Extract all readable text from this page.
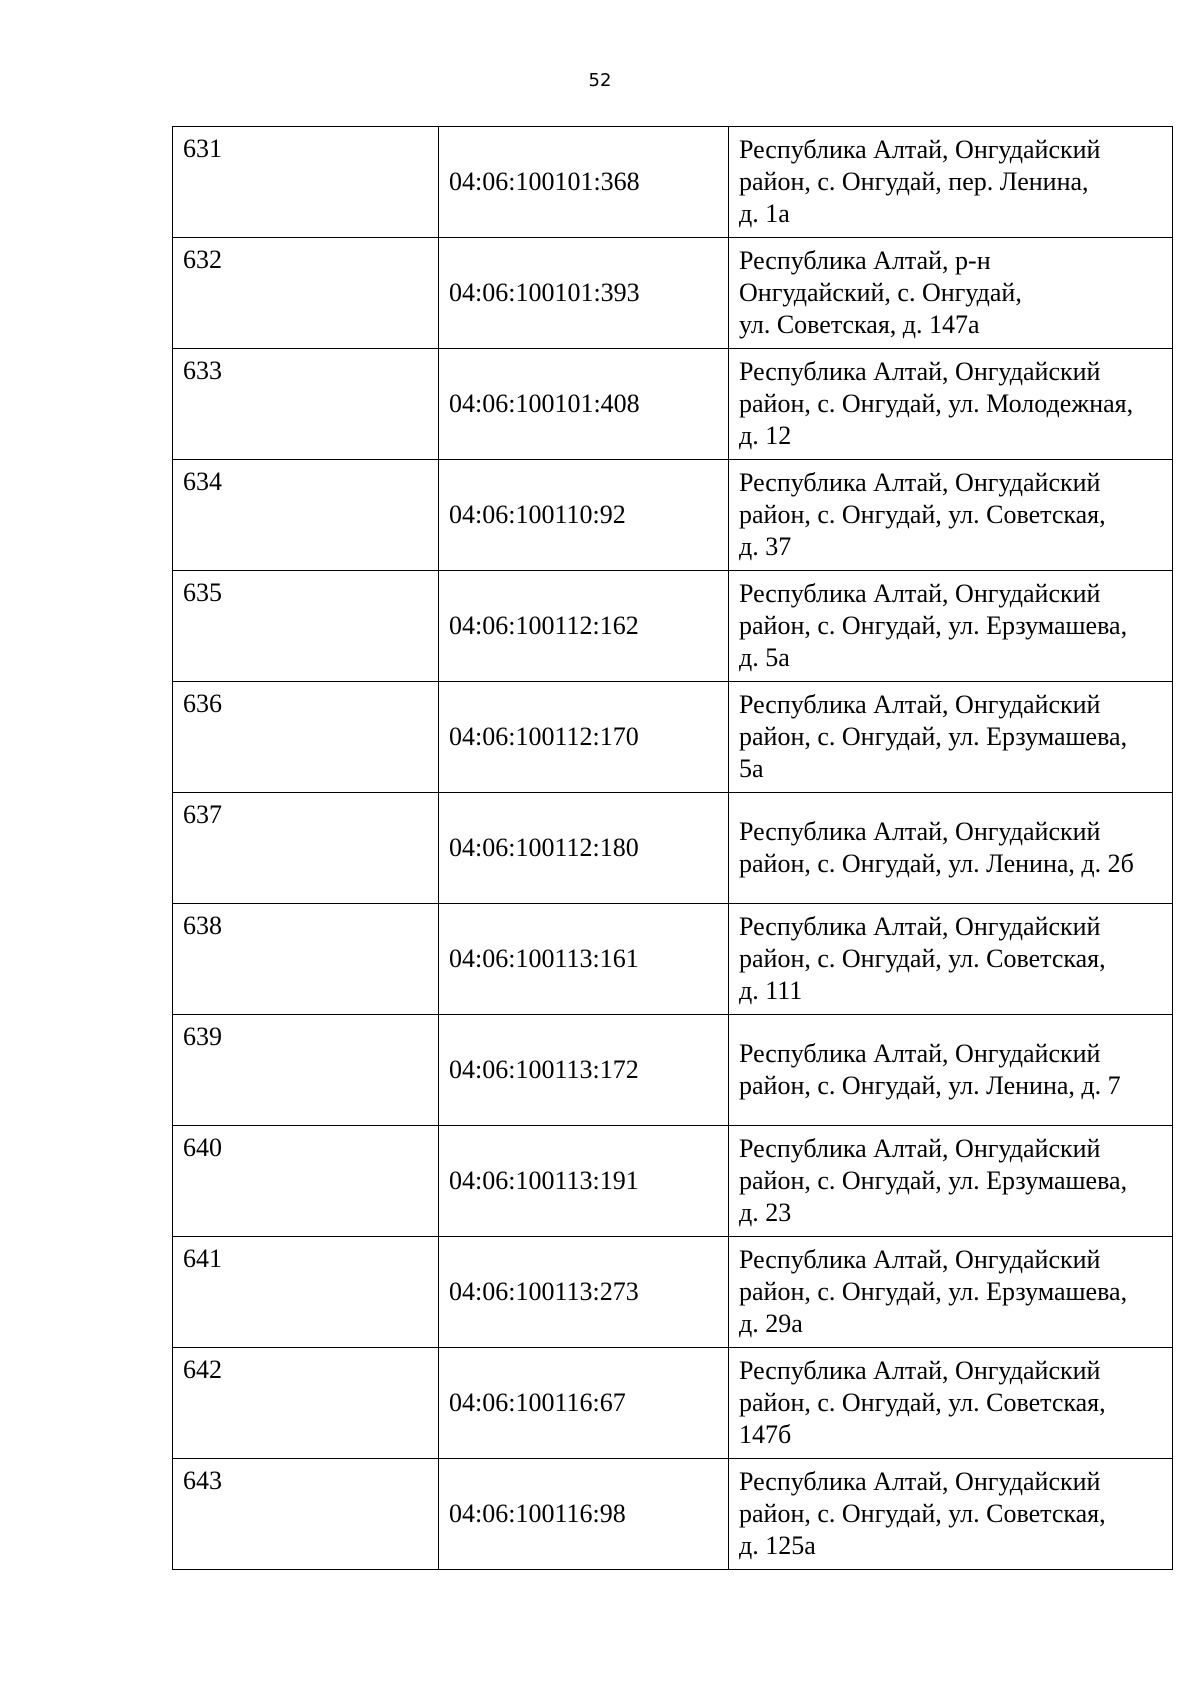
52
631	04:06:100101:368	Республика Алтай, Онгудайский
район, с. Онгудай, пер. Ленина,
д. 1а

632	04:06:100101:393	Республика Алтай, р-н
Онгудайский, с. Онгудай,
ул. Советская, д. 147а

633	04:06:100101:408	Республика Алтай, Онгудайский
район, с. Онгудай, ул. Молодежная,
д. 12

634	04:06:100110:92	Республика Алтай, Онгудайский
район, с. Онгудай, ул. Советская,
д. 37

635	04:06:100112:162	Республика Алтай, Онгудайский
район, с. Онгудай, ул. Ерзумашева,
д. 5а

636	04:06:100112:170	Республика Алтай, Онгудайский
район, с. Онгудай, ул. Ерзумашева,
5а

637	04:06:100112:180	Республика Алтай, Онгудайский
район, с. Онгудай, ул. Ленина, д. 2б

638	04:06:100113:161	Республика Алтай, Онгудайский
район, с. Онгудай, ул. Советская,
д. 111

639	04:06:100113:172	Республика Алтай, Онгудайский
район, с. Онгудай, ул. Ленина, д. 7

640	04:06:100113:191	Республика Алтай, Онгудайский
район, с. Онгудай, ул. Ерзумашева,
д. 23

641	04:06:100113:273	Республика Алтай, Онгудайский
район, с. Онгудай, ул. Ерзумашева,
д. 29а

642	04:06:100116:67	Республика Алтай, Онгудайский
район, с. Онгудай, ул. Советская,
147б

643	04:06:100116:98	Республика Алтай, Онгудайский
район, с. Онгудай, ул. Советская,
д. 125а
